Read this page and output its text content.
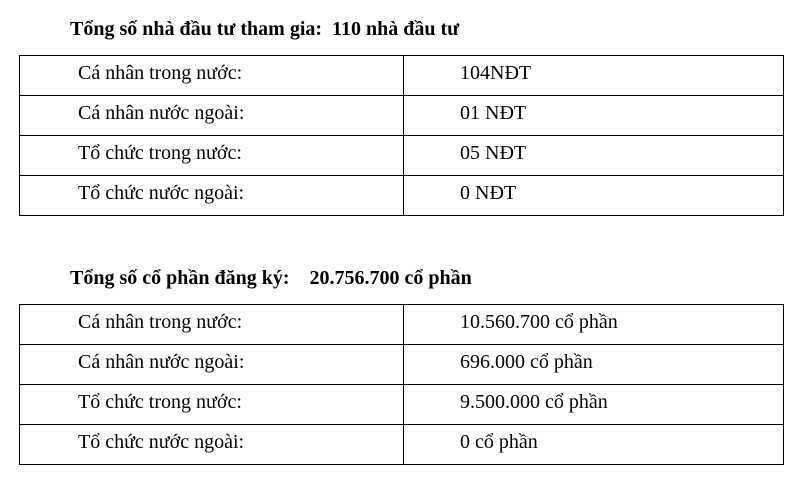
Tổng số nhà đầu tư tham gia:  110 nhà đầu tư
Cá nhân trong nước:	104NĐT
Cá nhân nước ngoài:	01 NĐT
Tổ chức trong nước:	05 NĐT
Tổ chức nước ngoài:	0 NĐT
Tổng số cổ phần đăng ký:    20.756.700 cổ phần
Cá nhân trong nước:	10.560.700 cổ phần
Cá nhân nước ngoài:	696.000 cổ phần
Tổ chức trong nước:	9.500.000 cổ phần
Tổ chức nước ngoài:	0 cổ phần
